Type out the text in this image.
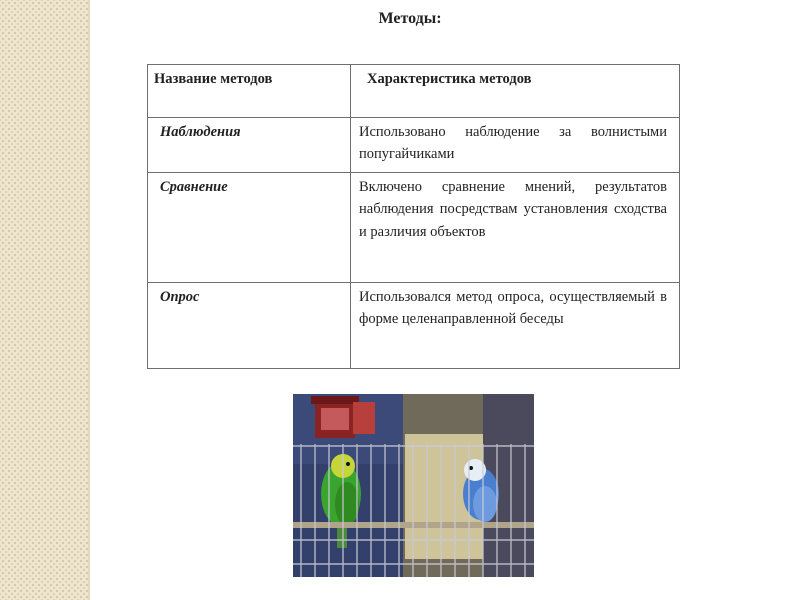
Методы:
Название методов	Характеристика методов
Наблюдения	Использовано наблюдение за волнистыми попугайчиками
Сравнение	Включено сравнение мнений, результатов наблюдения посредствам установления сходства и различия объектов
Опрос	Использовался метод опроса, осуществляемый в форме целенаправленной беседы
